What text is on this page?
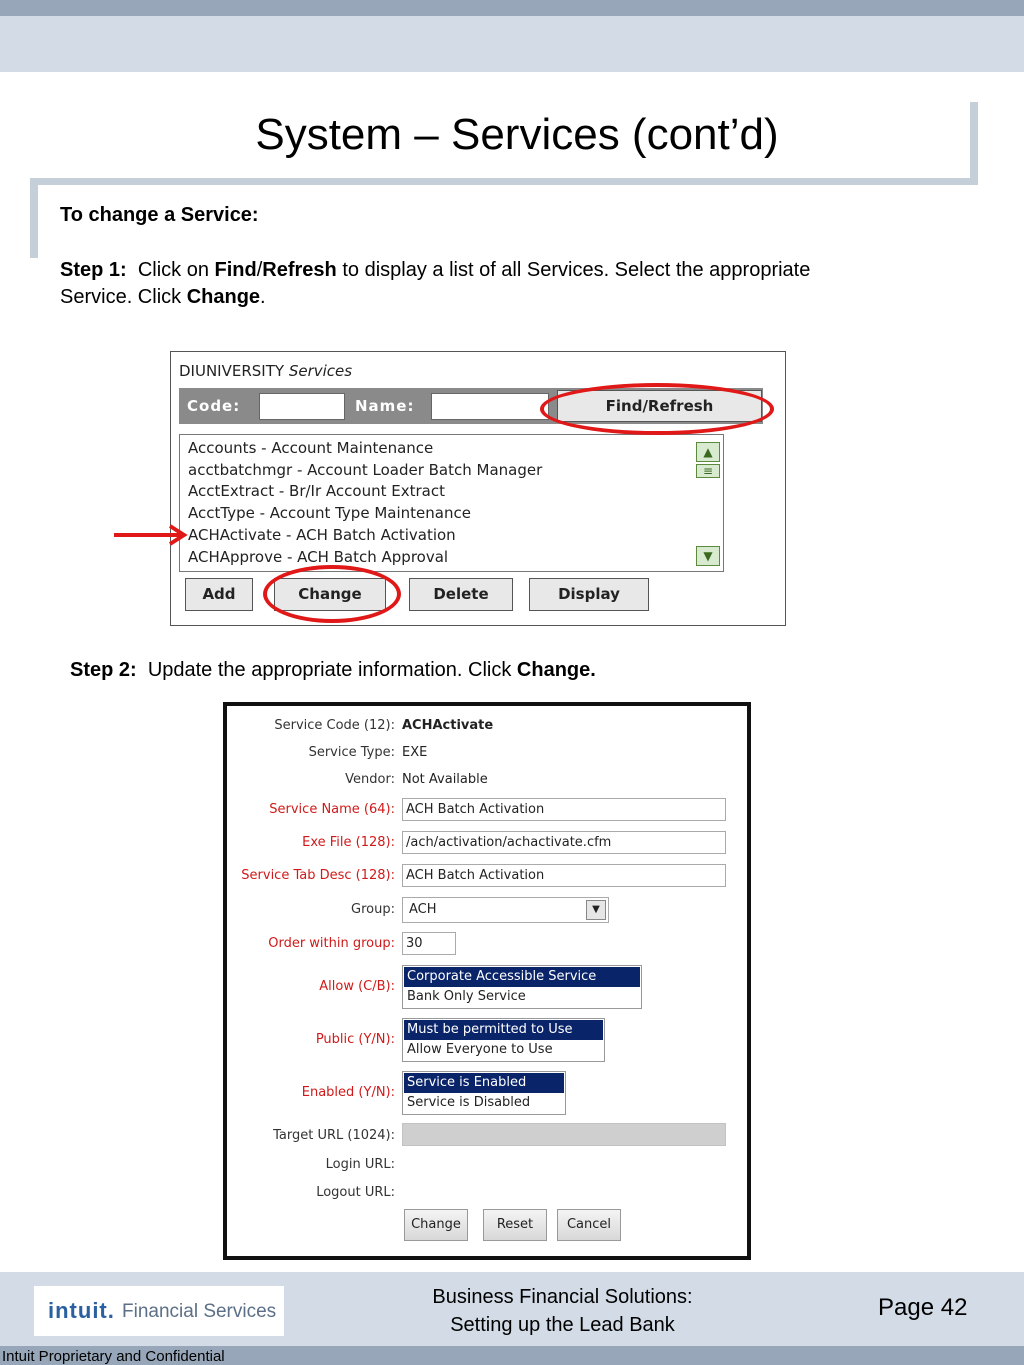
System – Services (cont’d)
To change a Service:
Step 1: Click on Find/Refresh to display a list of all Services. Select the appropriate
Service. Click Change.
DIUNIVERSITY Services
Code:	Name:	Find/Refresh
Accounts - Account Maintenance
acctbatchmgr - Account Loader Batch Manager
AcctExtract - Br/Ir Account Extract
AcctType - Account Type Maintenance
ACHActivate - ACH Batch Activation
ACHApprove - ACH Batch Approval
▲
≡
▼
Add	Change	Delete	Display
Step 2: Update the appropriate information. Click Change.
Service Code (12): ACHActivate
Service Type: EXE
Vendor: Not Available
Service Name (64): ACH Batch Activation
Exe File (128): /ach/activation/achactivate.cfm
Service Tab Desc (128): ACH Batch Activation
Group:	ACH	▼
Order within group: 30
Allow (C/B):
Corporate Accessible Service
Bank Only Service
Public (Y/N):
Must be permitted to Use
Allow Everyone to Use
Enabled (Y/N):
Service is Enabled
Service is Disabled
Target URL (1024):
Login URL:
Logout URL:
Change	Reset	Cancel
intuit. Financial Services
Business Financial Solutions:
Setting up the Lead Bank
Page 42
Intuit Proprietary and Confidential
